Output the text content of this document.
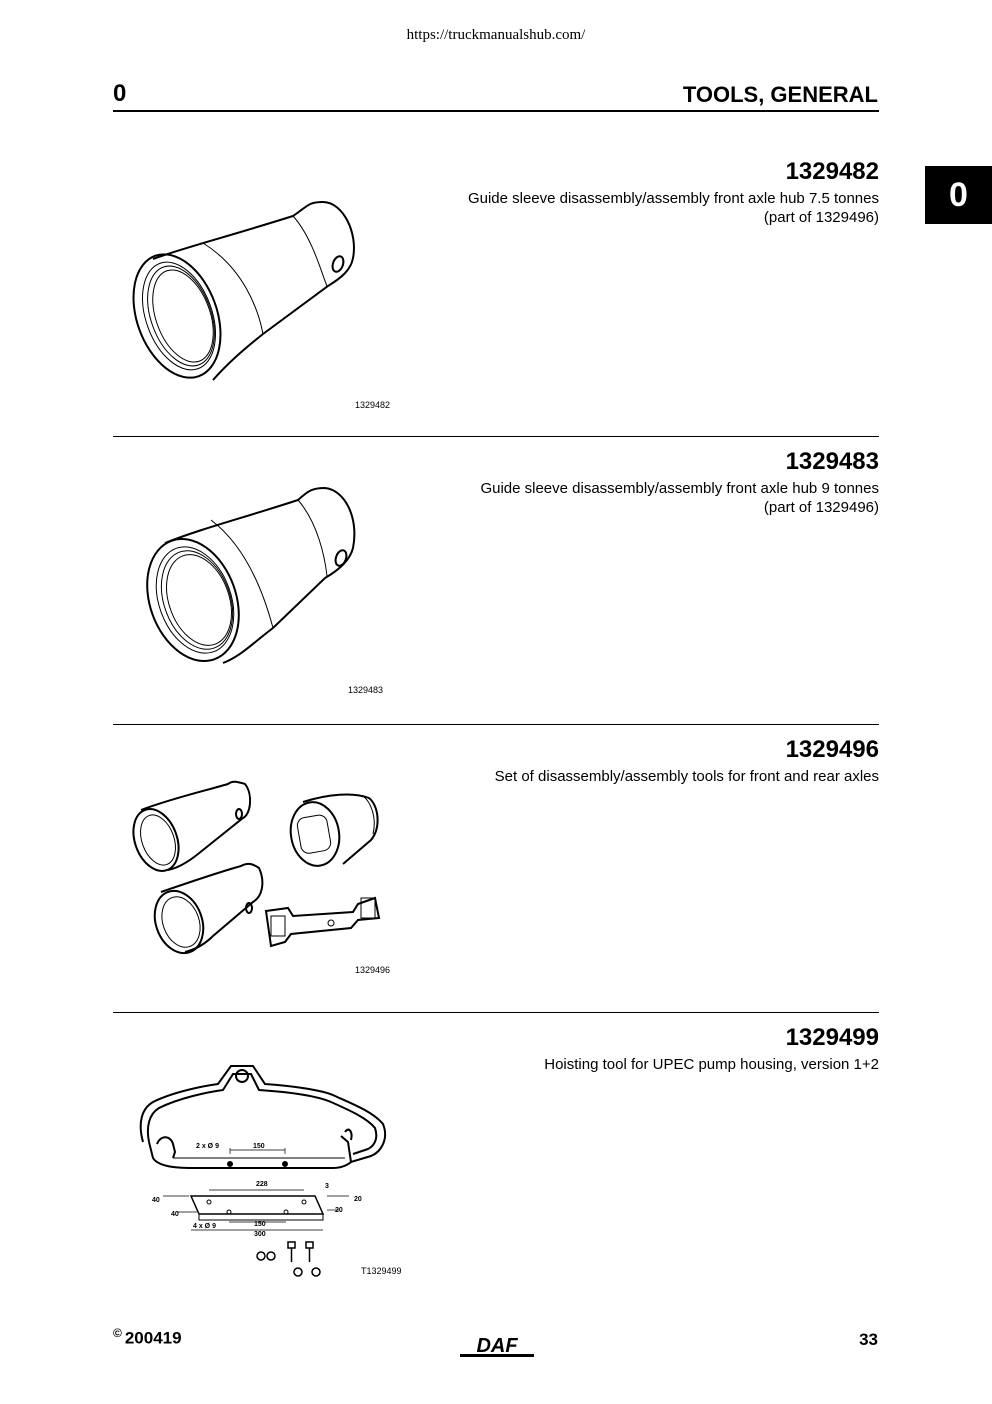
https://truckmanualshub.com/
0	TOOLS, GENERAL
0
1329482
Guide sleeve disassembly/assembly front axle hub 7.5 tonnes (part of 1329496)
1329482
1329483
Guide sleeve disassembly/assembly front axle hub 9 tonnes (part of 1329496)
1329483
1329496
Set of disassembly/assembly tools for front and rear axles
1329496
1329499
Hoisting tool for UPEC pump housing, version 1+2
2 x Ø 9	150
228	3
20
20
40
40
4 x Ø 9	150
300
T1329499
© 200419	DAF	33
